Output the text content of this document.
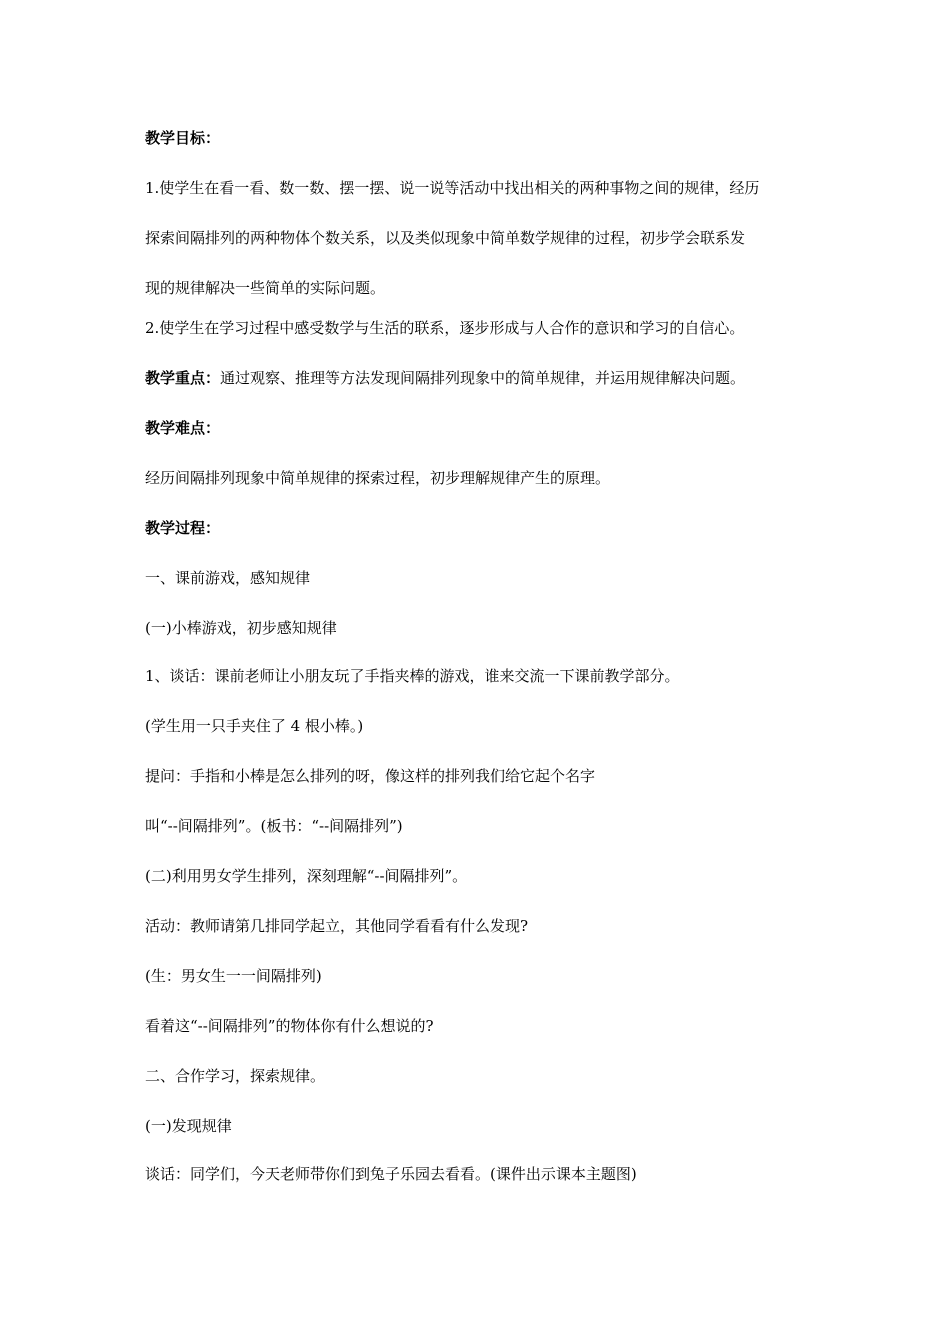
教学目标：

1.使学生在看一看、数一数、摆一摆、说一说等活动中找出相关的两种事物之间的规律，经历

探索间隔排列的两种物体个数关系，以及类似现象中简单数学规律的过程，初步学会联系发

现的规律解决一些简单的实际问题。

2.使学生在学习过程中感受数学与生活的联系，逐步形成与人合作的意识和学习的自信心。

教学重点：通过观察、推理等方法发现间隔排列现象中的简单规律，并运用规律解决问题。

教学难点：

经历间隔排列现象中简单规律的探索过程，初步理解规律产生的原理。

教学过程：

一、课前游戏，感知规律

(一)小棒游戏，初步感知规律

1、谈话：课前老师让小朋友玩了手指夹棒的游戏，谁来交流一下课前教学部分。

(学生用一只手夹住了 4 根小棒。)

提问：手指和小棒是怎么排列的呀，像这样的排列我们给它起个名字

叫“--间隔排列”。(板书：“--间隔排列”)

(二)利用男女学生排列，深刻理解“--间隔排列”。

活动：教师请第几排同学起立，其他同学看看有什么发现?

(生：男女生一一间隔排列)

看着这“--间隔排列”的物体你有什么想说的?

二、合作学习，探索规律。

(一)发现规律

谈话：同学们，今天老师带你们到兔子乐园去看看。(课件出示课本主题图)
